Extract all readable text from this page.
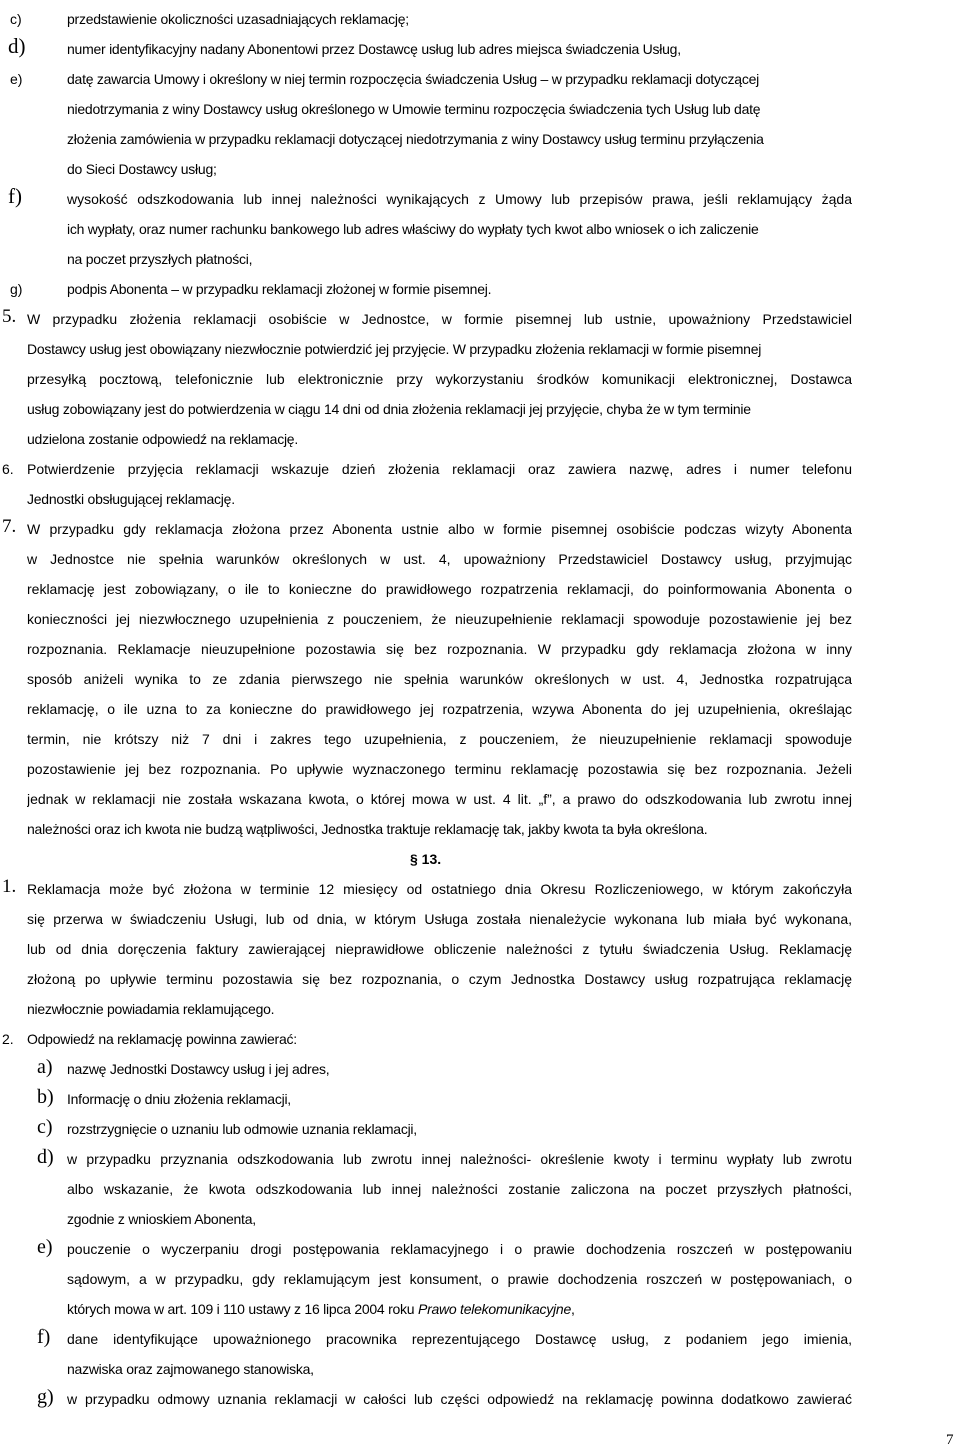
c)	przedstawienie okoliczności uzasadniających reklamację;
d)	numer identyfikacyjny nadany Abonentowi przez Dostawcę usług lub adres miejsca świadczenia Usług,
e)	datę zawarcia Umowy i określony w niej termin rozpoczęcia świadczenia Usług – w przypadku reklamacji dotyczącej
niedotrzymania z winy Dostawcy usług określonego w Umowie terminu rozpoczęcia świadczenia tych Usług lub datę
złożenia zamówienia w przypadku reklamacji dotyczącej niedotrzymania z winy Dostawcy usług terminu przyłączenia
do Sieci Dostawcy usług;
f)	wysokość odszkodowania lub innej należności wynikających z Umowy lub przepisów prawa, jeśli reklamujący żąda
ich wypłaty, oraz numer rachunku bankowego lub adres właściwy do wypłaty tych kwot albo wniosek o ich zaliczenie
na poczet przyszłych płatności,
g)	podpis Abonenta – w przypadku reklamacji złożonej w formie pisemnej.
5. W przypadku złożenia reklamacji osobiście w Jednostce, w formie pisemnej lub ustnie, upoważniony Przedstawiciel
Dostawcy usług jest obowiązany niezwłocznie potwierdzić jej przyjęcie. W przypadku złożenia reklamacji w formie pisemnej
przesyłką pocztową, telefonicznie lub elektronicznie przy wykorzystaniu środków komunikacji elektronicznej, Dostawca
usług zobowiązany jest do potwierdzenia w ciągu 14 dni od dnia złożenia reklamacji jej przyjęcie, chyba że w tym terminie
udzielona zostanie odpowiedź na reklamację.
6. Potwierdzenie przyjęcia reklamacji wskazuje dzień złożenia reklamacji oraz zawiera nazwę, adres i numer telefonu
Jednostki obsługującej reklamację.
7. W przypadku gdy reklamacja złożona przez Abonenta ustnie albo w formie pisemnej osobiście podczas wizyty Abonenta
w Jednostce nie spełnia warunków określonych w ust. 4, upoważniony Przedstawiciel Dostawcy usług, przyjmując
reklamację jest zobowiązany, o ile to konieczne do prawidłowego rozpatrzenia reklamacji, do poinformowania Abonenta o
konieczności jej niezwłocznego uzupełnienia z pouczeniem, że nieuzupełnienie reklamacji spowoduje pozostawienie jej bez
rozpoznania. Reklamacje nieuzupełnione pozostawia się bez rozpoznania. W przypadku gdy reklamacja złożona w inny
sposób aniżeli wynika to ze zdania pierwszego nie spełnia warunków określonych w ust. 4, Jednostka rozpatrująca
reklamację, o ile uzna to za konieczne do prawidłowego jej rozpatrzenia, wzywa Abonenta do jej uzupełnienia, określając
termin, nie krótszy niż 7 dni i zakres tego uzupełnienia, z pouczeniem, że nieuzupełnienie reklamacji spowoduje
pozostawienie jej bez rozpoznania. Po upływie wyznaczonego terminu reklamację pozostawia się bez rozpoznania. Jeżeli
jednak w reklamacji nie została wskazana kwota, o której mowa w ust. 4 lit. „f”, a prawo do odszkodowania lub zwrotu innej
należności oraz ich kwota nie budzą wątpliwości, Jednostka traktuje reklamację tak, jakby kwota ta była określona.
§ 13.
1. Reklamacja może być złożona w terminie 12 miesięcy od ostatniego dnia Okresu Rozliczeniowego, w którym zakończyła
się przerwa w świadczeniu Usługi, lub od dnia, w którym Usługa została nienależycie wykonana lub miała być wykonana,
lub od dnia doręczenia faktury zawierającej nieprawidłowe obliczenie należności z tytułu świadczenia Usług. Reklamację
złożoną po upływie terminu pozostawia się bez rozpoznania, o czym Jednostka Dostawcy usług rozpatrująca reklamację
niezwłocznie powiadamia reklamującego.
2. Odpowiedź na reklamację powinna zawierać:
a) nazwę Jednostki Dostawcy usług i jej adres,
b) Informację o dniu złożenia reklamacji,
c) rozstrzygnięcie o uznaniu lub odmowie uznania reklamacji,
d) w przypadku przyznania odszkodowania lub zwrotu innej należności- określenie kwoty i terminu wypłaty lub zwrotu
albo wskazanie, że kwota odszkodowania lub innej należności zostanie zaliczona na poczet przyszłych płatności,
zgodnie z wnioskiem Abonenta,
e) pouczenie o wyczerpaniu drogi postępowania reklamacyjnego i o prawie dochodzenia roszczeń w postępowaniu
sądowym, a w przypadku, gdy reklamującym jest konsument, o prawie dochodzenia roszczeń w postępowaniach, o
których mowa w art. 109 i 110 ustawy z 16 lipca 2004 roku Prawo telekomunikacyjne,
f) dane identyfikujące upoważnionego pracownika reprezentującego Dostawcę usług, z podaniem jego imienia,
nazwiska oraz zajmowanego stanowiska,
g) w przypadku odmowy uznania reklamacji w całości lub części odpowiedź na reklamację powinna dodatkowo zawierać
7
